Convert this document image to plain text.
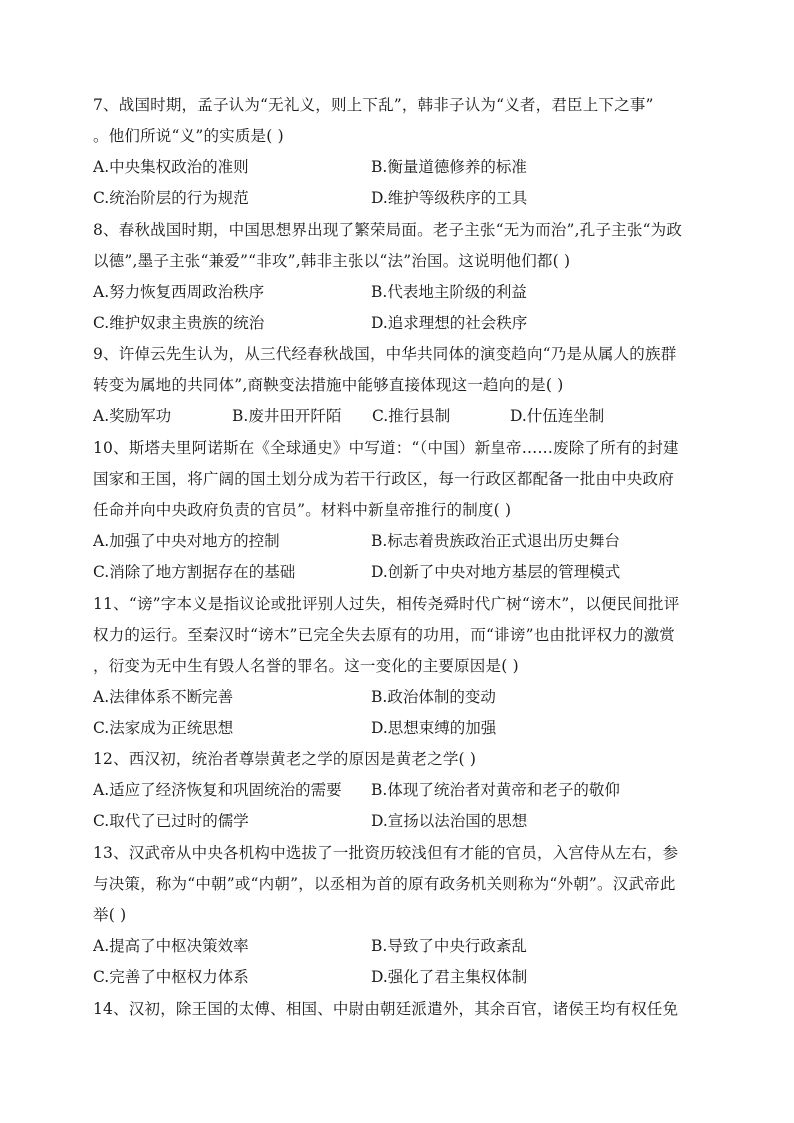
7、战国时期，孟子认为“无礼义，则上下乱”，韩非子认为“义者，君臣上下之事”
。他们所说“义”的实质是( )
A.中央集权政治的准则	B.衡量道德修养的标准
C.统治阶层的行为规范	D.维护等级秩序的工具
8、春秋战国时期，中国思想界出现了繁荣局面。老子主张“无为而治”,孔子主张“为政
以德”,墨子主张“兼爱”“非攻”,韩非主张以“法”治国。这说明他们都( )
A.努力恢复西周政治秩序	B.代表地主阶级的利益
C.维护奴隶主贵族的统治	D.追求理想的社会秩序
9、许倬云先生认为，从三代经春秋战国，中华共同体的演变趋向“乃是从属人的族群
转变为属地的共同体”,商鞅变法措施中能够直接体现这一趋向的是( )
A.奖励军功	B.废井田开阡陌 C.推行县制	D.什伍连坐制
10、斯塔夫里阿诺斯在《全球通史》中写道：“（中国）新皇帝……废除了所有的封建
国家和王国，将广阔的国土划分成为若干行政区，每一行政区都配备一批由中央政府
任命并向中央政府负责的官员”。材料中新皇帝推行的制度( )
A.加强了中央对地方的控制	B.标志着贵族政治正式退出历史舞台
C.消除了地方割据存在的基础	D.创新了中央对地方基层的管理模式
11、“谤”字本义是指议论或批评别人过失，相传尧舜时代广树“谤木”，以便民间批评
权力的运行。至秦汉时“谤木”已完全失去原有的功用，而“诽谤”也由批评权力的激赏
，衍变为无中生有毁人名誉的罪名。这一变化的主要原因是( )
A.法律体系不断完善	B.政治体制的变动
C.法家成为正统思想	D.思想束缚的加强
12、西汉初，统治者尊崇黄老之学的原因是黄老之学( )
A.适应了经济恢复和巩固统治的需要 B.体现了统治者对黄帝和老子的敬仰
C.取代了已过时的儒学	D.宣扬以法治国的思想
13、汉武帝从中央各机构中选拔了一批资历较浅但有才能的官员，入宫侍从左右，参
与决策，称为“中朝”或“内朝”，以丞相为首的原有政务机关则称为“外朝”。汉武帝此
举( )
A.提高了中枢决策效率	B.导致了中央行政紊乱
C.完善了中枢权力体系	D.强化了君主集权体制
14、汉初，除王国的太傅、相国、中尉由朝廷派遣外，其余百官，诸侯王均有权任免
